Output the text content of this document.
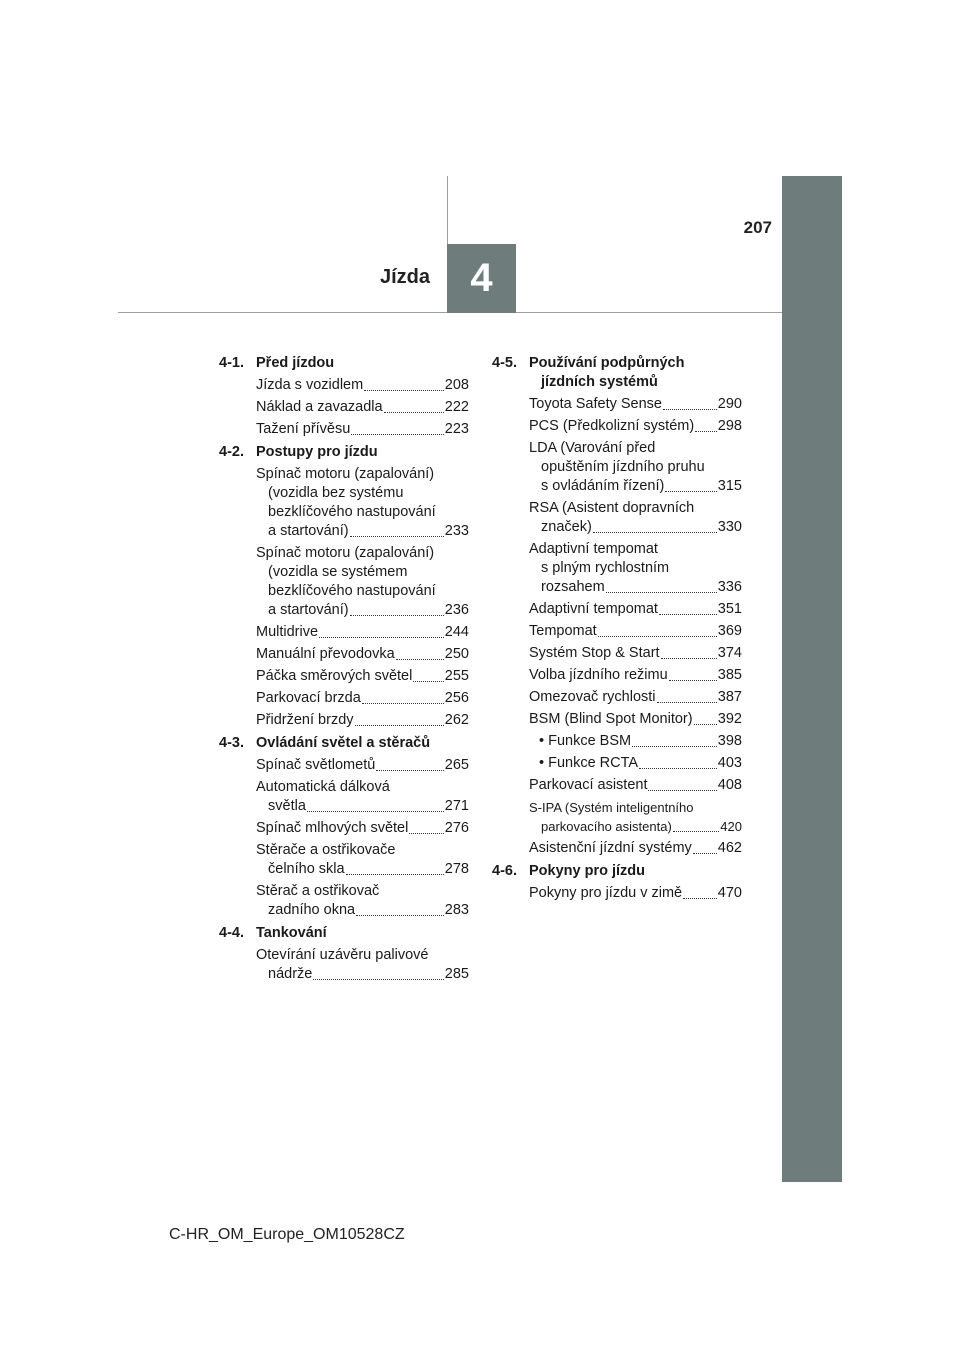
207
4
Jízda
4-1. Před jízdou
Jízda s vozidlem	208
Náklad a zavazadla	222
Tažení přívěsu	223
4-2. Postupy pro jízdu
Spínač motoru (zapalování)
(vozidla bez systému
bezklíčového nastupování
a startování)	233
Spínač motoru (zapalování)
(vozidla se systémem
bezklíčového nastupování
a startování)	236
Multidrive	244
Manuální převodovka	250
Páčka směrových světel 255
Parkovací brzda	256
Přidržení brzdy	262
4-3. Ovládání světel a stěračů
Spínač světlometů	265
Automatická dálková
světla	271
Spínač mlhových světel	276
Stěrače a ostřikovače
čelního skla	278
Stěrač a ostřikovač
zadního okna	283
4-4. Tankování
Otevírání uzávěru palivové
nádrže	285
4-5. Používání podpůrných
jízdních systémů
Toyota Safety Sense	290
PCS (Předkolizní systém) 298
LDA (Varování před
opuštěním jízdního pruhu
s ovládáním řízení)	315
RSA (Asistent dopravních
značek)	330
Adaptivní tempomat
s plným rychlostním
rozsahem	336
Adaptivní tempomat	351
Tempomat	369
Systém Stop & Start	374
Volba jízdního režimu	385
Omezovač rychlosti	387
BSM (Blind Spot Monitor) 392
• Funkce BSM	398
• Funkce RCTA	403
Parkovací asistent	408
S-IPA (Systém inteligentního
parkovacího asistenta)	420
Asistenční jízdní systémy 462
4-6. Pokyny pro jízdu
Pokyny pro jízdu v zimě 470
C-HR_OM_Europe_OM10528CZ
